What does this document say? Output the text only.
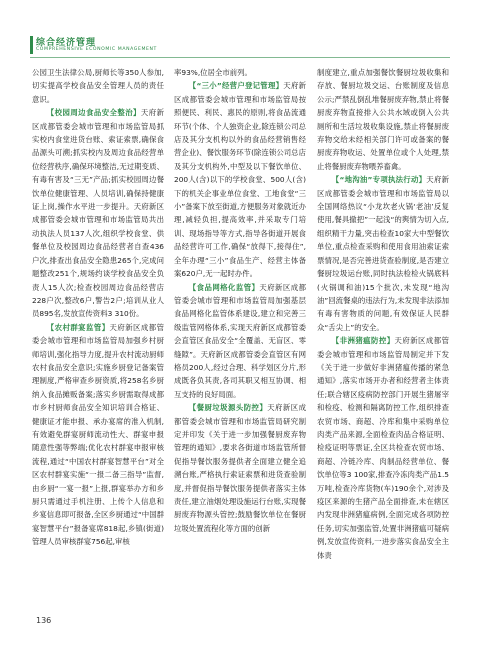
综合经济管理
COMPREHENSIVE ECONOMIC MANAGEMENT

公园卫生法律公局,厨师长等350人参加,切实提高学校食品安全管理人员的责任意识。

【校园周边食品安全整治】天府新区成都管委会城市管理和市场监管局抓实校内食堂进货台账、索证索票,确保食品源头可溯;抓实校内及周边食品经营单位经营秩序,确保环境整洁,无过期变质、有毒有害及“三无”产品;抓实校园周边餐饮单位健康管理、人员培训,确保持健康证上岗,操作水平进一步提升。天府新区成都管委会城市管理和市场监管局共出动执法人员137人次,组织学校食堂、供餐单位及校园周边食品经营者自查436户次,排查出食品安全隐患265个,完成问题整改251个,规场约谈学校食品安全负责人15人次;检查校园周边食品经营店228户次,整改6户,警告2户;培训从业人员895名,发放宣传资料3 310份。

【农村群宴监管】天府新区成都管委会城市管理和市场监管局加强乡村厨师培训,强化指导力度,提升农村流动厨师农村食品安全意识;实施乡厨登记备案管理制度,严格审查乡厨资质,将258名乡厨纳入食品摊贩备案;落实乡厨需取得成都市乡村厨师食品安全知识培训合格证、健康证才能申报、承办宴席的准入机制,有效避免群宴厨师流动性大、群宴申报随意性强等弊端;优化农村群宴申报审核流程,通过“中国农村群宴智慧平台”对全区农村群宴实施“一报二备三指导”监督,由乡厨“一宴一报”上报,群宴举办方和乡厨只需通过手机注册、上传个人信息和乡宴信息即可报备,全区乡厨通过“中国群宴智慧平台”报备宴席818起,乡镇(街道)管理人员审核群宴756起,审核

率93%,位居全市前列。

【“三小”经营户登记管理】天府新区成都管委会城市管理和市场监管局按照便民、利民、惠民的原则,将食品流通环节(个体、个人独资企业,除连锁公司总店及其分支机构以外的食品经营销售经营企业)、餐饮服务环节(除连锁公司总店及其分支机构外,中型及以下餐饮单位、200人(含)以下的学校食堂、500人(含)下的机关企事业单位食堂、工地食堂“三小”备案下放至街道,方便服务对象就近办理,减轻负担,提高效率,并采取专门培训、现场指导等方式,指导各街道开展食品经营许可工作,确保“放得下,接得住”,全年办理“三小”食品生产、经营主体备案620户,无一起时办件。

【食品网格化监管】天府新区成都管委会城市管理和市场监管局加强基层食品网格化监管体系建设,建立和完善三级监管网格体系,实现天府新区成都管委会直管区食品安全“全覆盖、无盲区、零缝隙”。天府新区成都管委会直管区有网格员200人,经过合理、科学划区分片,形成既各负其责,各司其职又相互协调、相互支持的良好局面。

【餐厨垃圾源头防控】天府新区成都管委会城市管理和市场监管局研究制定并印发《关于进一步加强餐厨废弃物管理的通知》,要求各街道市场监管所督促指导餐饮服务提供者全面建立健全追溯台账,严格执行索证索票和进货查验制度,并督促指导餐饮服务提供者落实主体责任,建立油烟处理设施运行台账,实现餐厨废弃物源头管控;鼓励餐饮单位在餐厨垃圾处置流程化等方面的创新

制度建立,重点加强餐饮餐厨垃圾收集和存放、餐厨垃圾交运、台账制度及信息公示;严禁乱倒乱堆餐厨废弃物,禁止将餐厨废弃物直接排入公共水域或倒入公共厕所和生活垃圾收集设施,禁止将餐厨废弃物交给未经相关部门许可或备案的餐厨废弃物收运、处置单位或个人处理,禁止将餐厨废弃物喂养畜禽。

【“地沟油”专项执法行动】天府新区成都管委会城市管理和市场监管局以全国网络热议“小龙坎老火锅‘老油’反复使用,餐具撤把”一起浅“的舆情为切入点,组织精干力量,突击检查10家大中型餐饮单位,重点检查采购和使用食用油索证索票情况,是否完善进货查验制度,是否建立餐厨垃圾运台账,同时执法检检火锅底料(火锅调和油)15个批次,未发现“地沟油”回流餐桌的违法行为,未发现非法添加有毒有害物质的问题,有效保证人民群众“舌尖上”的安全。

【非洲猪瘟防控】天府新区成都管委会城市管理和市场监管局制定并下发《关于进一步做好非洲猪瘟传播的紧急通知》,落实市场开办者和经营者主体责任;联合辖区疫病防控部门开展生猪屠宰和检疫、检测和隔离防控工作,组织排查农贸市场、商超、冷库和集中采购单位肉类产品来源,全面检查肉品合格证明、检疫证明等票证,全区共检查农贸市场、商超、冷链冷库、肉制品经营单位、餐饮单位等3 100家,排查冷冻肉类产品1.5万吨,检查冷库货物(车)190余个,对涉及疫区来源的生猪产品全面排查,未在辖区内发现非洲猪瘟病例,全面完成各项防控任务,切实加强监管,处置非洲猪瘟可疑病例,发放宣传资料,一进步落实食品安全主体责

136
